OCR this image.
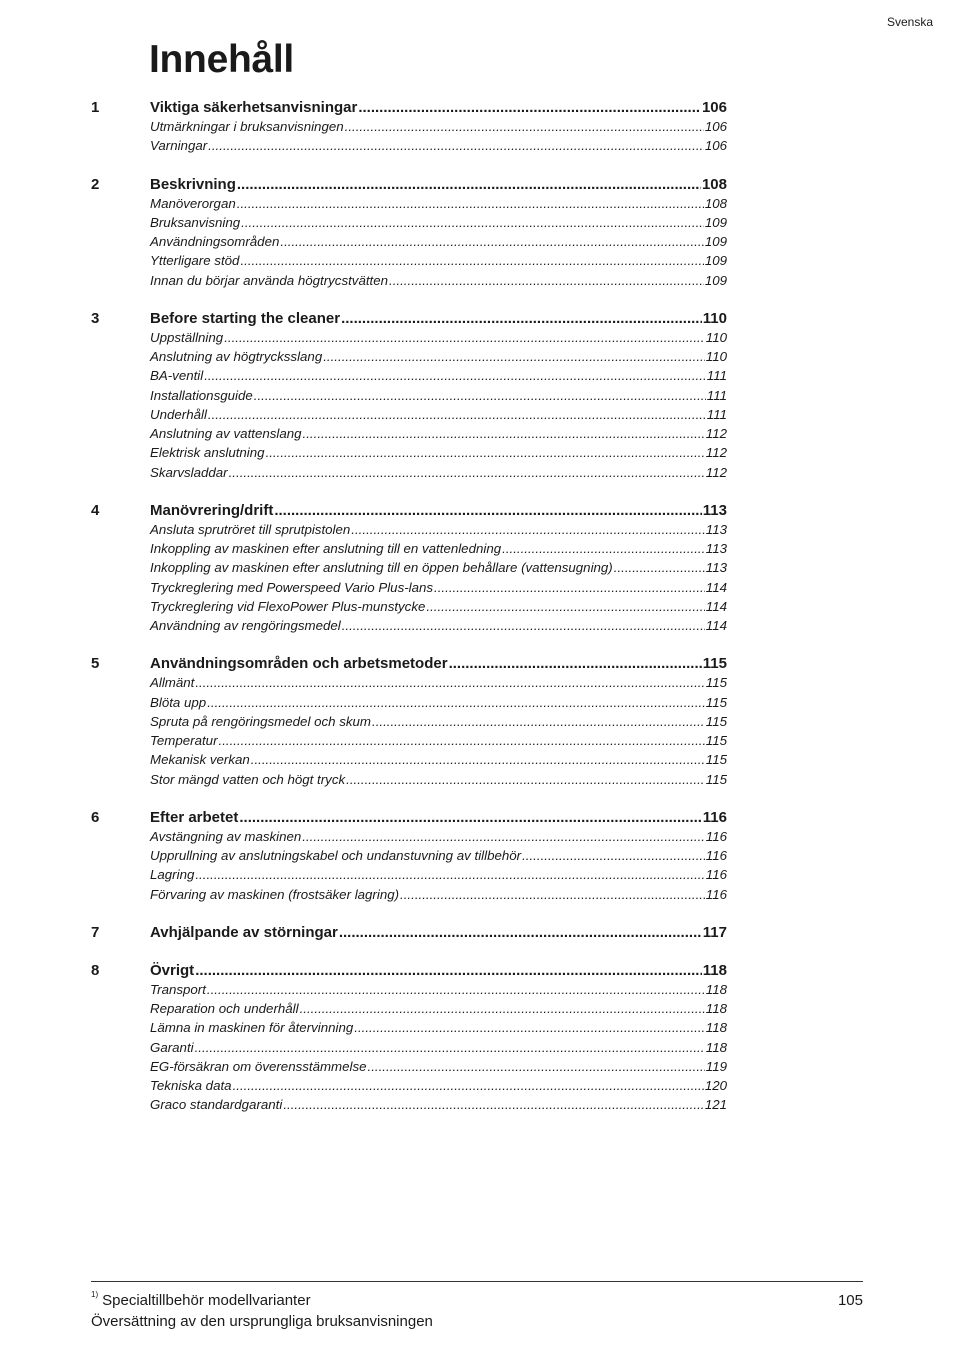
Svenska
Innehåll
1	Viktiga säkerhetsanvisningar .....	106
Utmärkningar i bruksanvisningen .....	106
Varningar .....	106
2	Beskrivning .....	108
Manöverorgan .....	108
Bruksanvisning .....	109
Användningsområden .....	109
Ytterligare stöd .....	109
Innan du börjar använda högtrycstvätten .....	109
3	Before starting the cleaner .....	110
Uppställning .....	110
Anslutning av högtrycksslang .....	110
BA-ventil .....	111
Installationsguide .....	111
Underhåll .....	111
Anslutning av vattenslang .....	112
Elektrisk anslutning .....	112
Skarvsladdar .....	112
4	Manövrering/drift .....	113
Ansluta sprutröret till sprutpistolen .....	113
Inkoppling av maskinen efter anslutning till en vattenledning .....	113
Inkoppling av maskinen efter anslutning till en öppen behållare (vattensugning) .....	113
Tryckreglering med Powerspeed Vario Plus-lans .....	114
Tryckreglering vid FlexoPower Plus-munstycke .....	114
Användning av rengöringsmedel .....	114
5	Användningsområden och arbetsmetoder .....	115
Allmänt .....	115
Blöta upp .....	115
Spruta på rengöringsmedel och skum .....	115
Temperatur .....	115
Mekanisk verkan .....	115
Stor mängd vatten och högt tryck .....	115
6	Efter arbetet .....	116
Avstängning av maskinen .....	116
Upprullning av anslutningskabel och undanstuvning av tillbehör .....	116
Lagring .....	116
Förvaring av maskinen (frostsäker lagring) .....	116
7	Avhjälpande av störningar .....	117
8	Övrigt .....	118
Transport .....	118
Reparation och underhåll .....	118
Lämna in maskinen för återvinning .....	118
Garanti .....	118
EG-försäkran om överensstämmelse .....	119
Tekniska data .....	120
Graco standardgaranti .....	121
$^{1)}$ Specialtillbehör modellvarianter
Översättning av den ursprungliga bruksanvisningen
105
